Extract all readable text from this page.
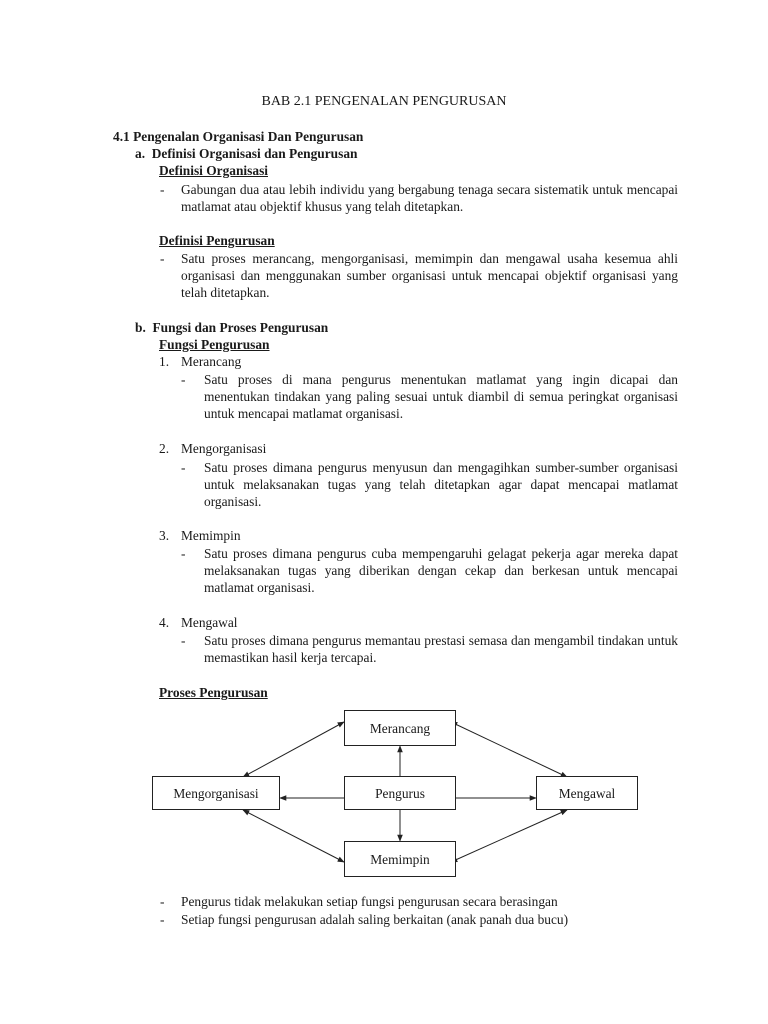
BAB 2.1 PENGENALAN PENGURUSAN
4.1 Pengenalan Organisasi Dan Pengurusan
a.  Definisi Organisasi dan Pengurusan
Definisi Organisasi
- Gabungan dua atau lebih individu yang bergabung tenaga secara sistematik untuk mencapai matlamat atau objektif khusus yang telah ditetapkan.
Definisi Pengurusan
- Satu proses merancang, mengorganisasi, memimpin dan mengawal usaha kesemua ahli organisasi dan menggunakan sumber organisasi untuk mencapai objektif organisasi yang telah ditetapkan.
b.  Fungsi dan Proses Pengurusan
Fungsi Pengurusan
1. Merancang
- Satu proses di mana pengurus menentukan matlamat yang ingin dicapai dan menentukan tindakan yang paling sesuai untuk diambil di semua peringkat organisasi untuk mencapai matlamat organisasi.
2. Mengorganisasi
- Satu proses dimana pengurus menyusun dan mengagihkan sumber-sumber organisasi untuk melaksanakan tugas yang telah ditetapkan agar dapat mencapai matlamat organisasi.
3. Memimpin
- Satu proses dimana pengurus cuba mempengaruhi gelagat pekerja agar mereka dapat melaksanakan tugas yang diberikan dengan cekap dan berkesan untuk mencapai matlamat organisasi.
4. Mengawal
- Satu proses dimana pengurus memantau prestasi semasa dan mengambil tindakan untuk memastikan hasil kerja tercapai.
Proses Pengurusan
Merancang
Mengorganisasi	Pengurus	Mengawal
Memimpin
- Pengurus tidak melakukan setiap fungsi pengurusan secara berasingan
- Setiap fungsi pengurusan adalah saling berkaitan (anak panah dua bucu)
